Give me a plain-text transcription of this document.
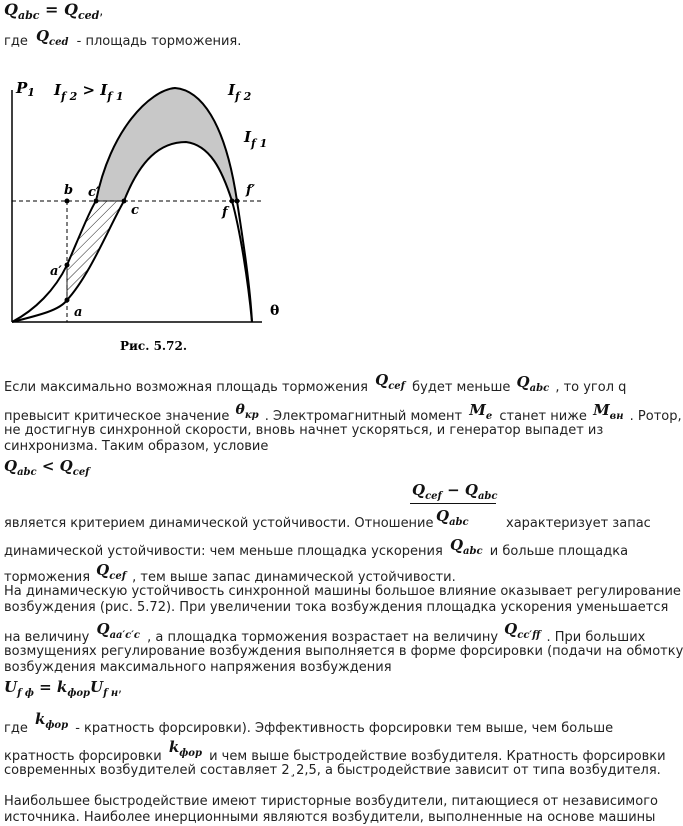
$Q_{abc} = Q_{ced}$,
где $Q_{ced}$ - площадь торможения.
$P_1$
θ
$I_{f 2} > I_{f 1}$	$I_{f 2}$
$I_{f 1}$
b c′
c	f
f′
a′
a
Рис. 5.72.
Если максимально возможная площадь торможения $Q_{cef}$ будет меньше $Q_{abc}$ , то угол q
превысит критическое значение $\theta_{кр}$ . Электромагнитный момент $M_e$ станет ниже $M_{вн}$ . Ротор,
не достигнув синхронной скорости, вновь начнет ускоряться, и генератор выпадет из
синхронизма. Таким образом, условие
$Q_{abc} < Q_{cef}$
$Q_{cef} - Q_{abc}$
$Q_{abc}$
является критерием динамической устойчивости. Отношение	характеризует запас
динамической устойчивости: чем меньше площадка ускорения $Q_{abc}$ и больше площадка
торможения $Q_{cef}$ , тем выше запас динамической устойчивости.
На динамическую устойчивость синхронной машины большое влияние оказывает регулирование
возбуждения (рис. 5.72). При увеличении тока возбуждения площадка ускорения уменьшается
на величину $Q_{aa'c'c}$ , а площадка торможения возрастает на величину $Q_{cc'ff}$ . При больших
возмущениях регулирование возбуждения выполняется в форме форсировки (подачи на обмотку
возбуждения максимального напряжения возбуждения
$U_{f ф} = k_{фор}U_{f н}$,
где $k_{фор}$ - кратность форсировки). Эффективность форсировки тем выше, чем больше
кратность форсировки $k_{фор}$ и чем выше быстродействие возбудителя. Кратность форсировки
современных возбудителей составляет 2¸2,5, а быстродействие зависит от типа возбудителя.
Наибольшее быстродействие имеют тиристорные возбудители, питающиеся от независимого
источника. Наиболее инерционными являются возбудители, выполненные на основе машины
